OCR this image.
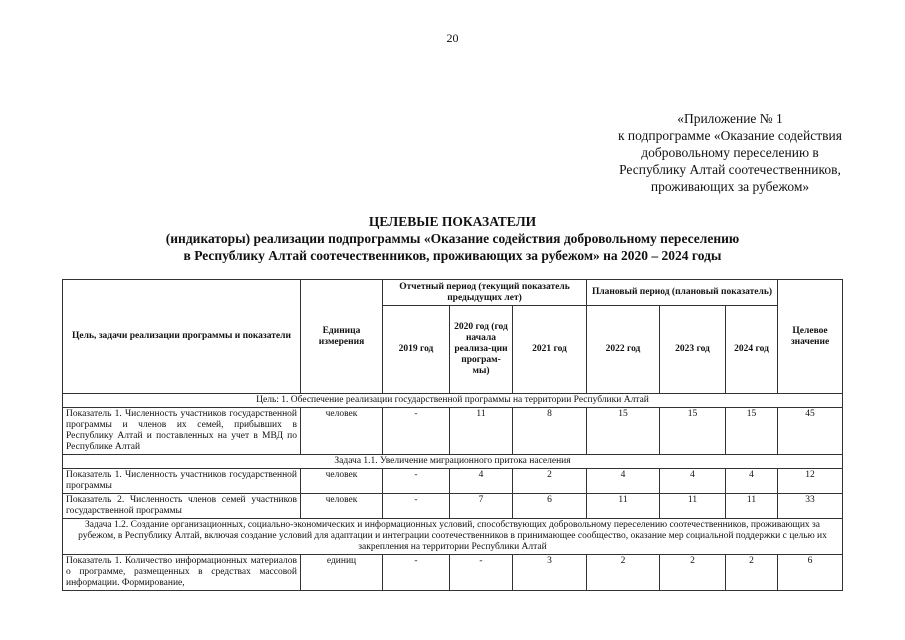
20
«Приложение № 1
к подпрограмме «Оказание содействия
добровольному переселению в
Республику Алтай соотечественников,
проживающих за рубежом»
ЦЕЛЕВЫЕ ПОКАЗАТЕЛИ
(индикаторы) реализации подпрограммы «Оказание содействия добровольному переселению
в Республику Алтай соотечественников, проживающих за рубежом» на 2020 – 2024 годы
Цель, задачи реализации программы и показатели	Единица измерения	Отчетный период (текущий показатель предыдущих лет)			Плановый период (плановый показатель)			Целевое значение
		2019 год	2020 год (год начала реализа-ции програм-мы)	2021 год	2022 год	2023 год	2024 год	
Цель: 1. Обеспечение реализации государственной программы на территории Республики Алтай								
Показатель 1. Численность участников государственной программы и членов их семей, прибывших в Республику Алтай и поставленных на учет в МВД по Республике Алтай	человек	-	11	8	15	15	15	45
Задача 1.1. Увеличение миграционного притока населения								
Показатель 1. Численность участников государственной программы	человек	-	4	2	4	4	4	12
Показатель 2. Численность членов семей участников государственной программы	человек	-	7	6	11	11	11	33
Задача 1.2. Создание организационных, социально-экономических и информационных условий, способствующих добровольному переселению соотечественников, проживающих за рубежом, в Республику Алтай, включая создание условий для адаптации и интеграции соотечественников в принимающее сообщество, оказание мер социальной поддержки с целью их закрепления на территории Республики Алтай								
Показатель 1. Количество информационных материалов о программе, размещенных в средствах массовой информации. Формирование,	единиц	-	-	3	2	2	2	6
